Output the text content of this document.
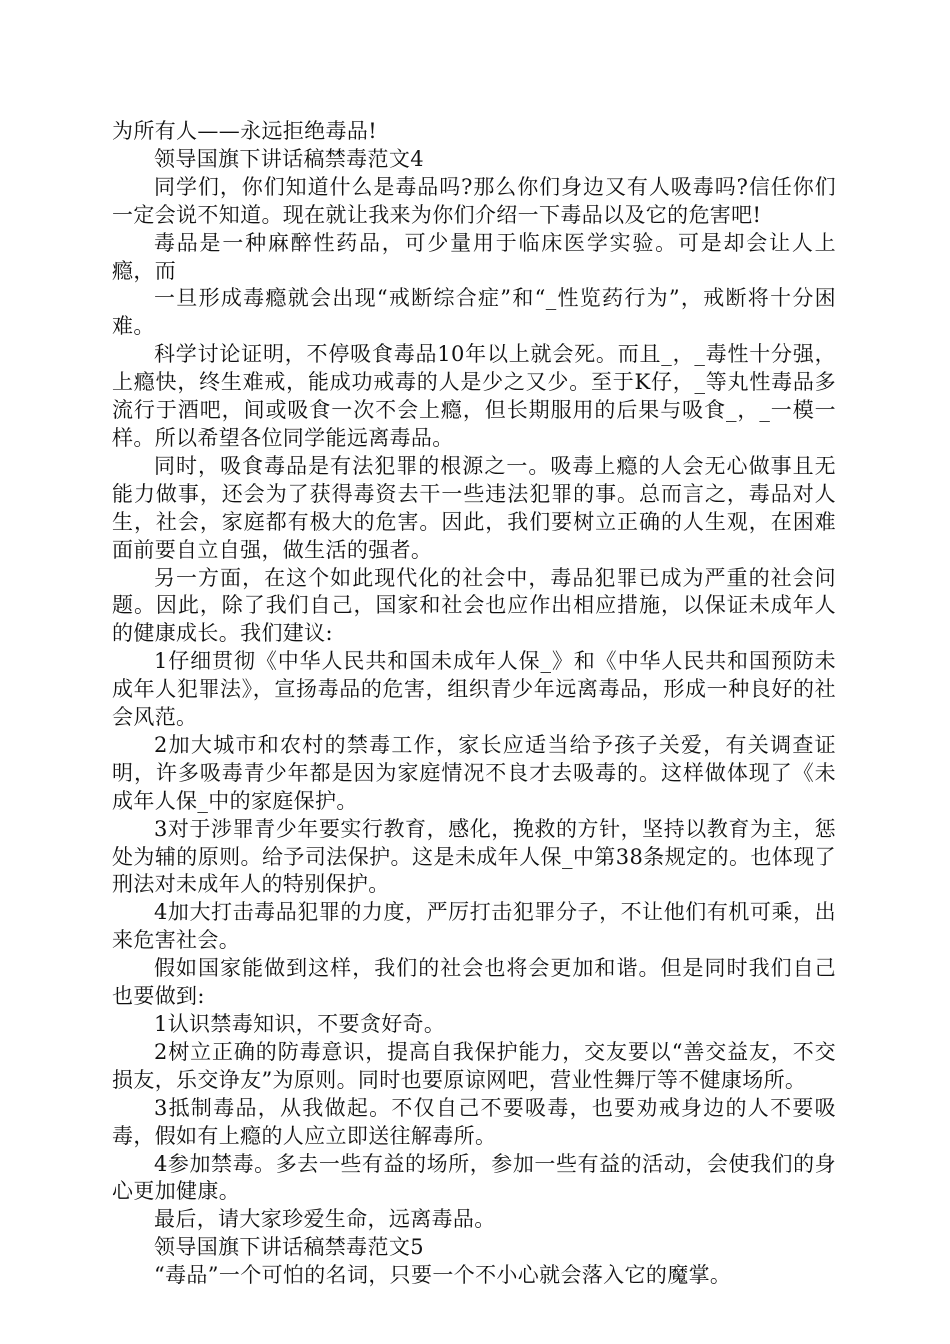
为所有人——永远拒绝毒品!

领导国旗下讲话稿禁毒范文4

同学们，你们知道什么是毒品吗?那么你们身边又有人吸毒吗?信任你们一定会说不知道。现在就让我来为你们介绍一下毒品以及它的危害吧!

毒品是一种麻醉性药品，可少量用于临床医学实验。可是却会让人上瘾，而

一旦形成毒瘾就会出现“戒断综合症”和“_性览药行为”，戒断将十分困难。

科学讨论证明，不停吸食毒品10年以上就会死。而且_，_毒性十分强，上瘾快，终生难戒，能成功戒毒的人是少之又少。至于K仔，_等丸性毒品多流行于酒吧，间或吸食一次不会上瘾，但长期服用的后果与吸食_，_一模一样。所以希望各位同学能远离毒品。

同时，吸食毒品是有法犯罪的根源之一。吸毒上瘾的人会无心做事且无能力做事，还会为了获得毒资去干一些违法犯罪的事。总而言之，毒品对人生，社会，家庭都有极大的危害。因此，我们要树立正确的人生观，在困难面前要自立自强，做生活的强者。

另一方面，在这个如此现代化的社会中，毒品犯罪已成为严重的社会问题。因此，除了我们自己，国家和社会也应作出相应措施，以保证未成年人的健康成长。我们建议:

1仔细贯彻《中华人民共和国未成年人保_》和《中华人民共和国预防未成年人犯罪法》，宣扬毒品的危害，组织青少年远离毒品，形成一种良好的社会风范。

2加大城市和农村的禁毒工作，家长应适当给予孩子关爱，有关调查证明，许多吸毒青少年都是因为家庭情况不良才去吸毒的。这样做体现了《未成年人保_中的家庭保护。

3对于涉罪青少年要实行教育，感化，挽救的方针，坚持以教育为主，惩处为辅的原则。给予司法保护。这是未成年人保_中第38条规定的。也体现了刑法对未成年人的特别保护。

4加大打击毒品犯罪的力度，严厉打击犯罪分子，不让他们有机可乘，出来危害社会。

假如国家能做到这样，我们的社会也将会更加和谐。但是同时我们自己也要做到:

1认识禁毒知识，不要贪好奇。

2树立正确的防毒意识，提高自我保护能力，交友要以“善交益友，不交损友，乐交诤友”为原则。同时也要原谅网吧，营业性舞厅等不健康场所。

3抵制毒品，从我做起。不仅自己不要吸毒，也要劝戒身边的人不要吸毒，假如有上瘾的人应立即送往解毒所。

4参加禁毒。多去一些有益的场所，参加一些有益的活动，会使我们的身心更加健康。

最后，请大家珍爱生命，远离毒品。

领导国旗下讲话稿禁毒范文5

“毒品”一个可怕的名词，只要一个不小心就会落入它的魔掌。
